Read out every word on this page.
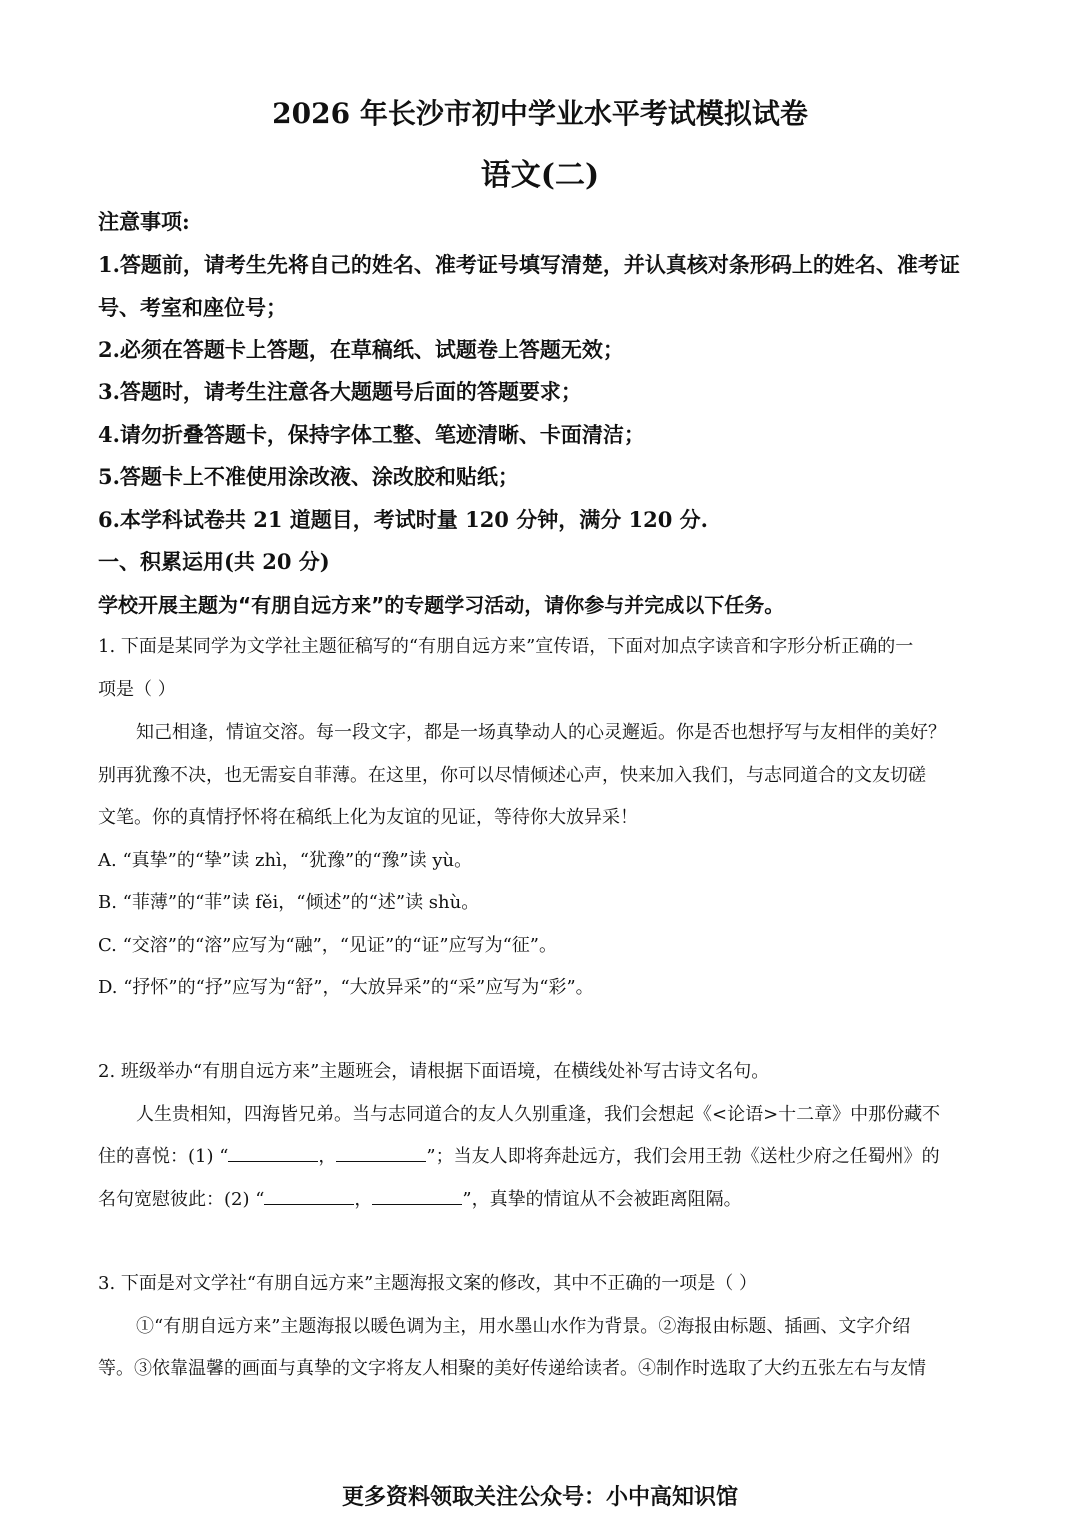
2026 年长沙市初中学业水平考试模拟试卷
语文(二)
注意事项:
1.答题前，请考生先将自己的姓名、准考证号填写清楚，并认真核对条形码上的姓名、准考证
号、考室和座位号；
2.必须在答题卡上答题，在草稿纸、试题卷上答题无效；
3.答题时，请考生注意各大题题号后面的答题要求；
4.请勿折叠答题卡，保持字体工整、笔迹清晰、卡面清洁；
5.答题卡上不准使用涂改液、涂改胶和贴纸；
6.本学科试卷共 21 道题目，考试时量 120 分钟，满分 120 分.
一、积累运用(共 20 分)
学校开展主题为“有朋自远方来”的专题学习活动，请你参与并完成以下任务。
1. 下面是某同学为文学社主题征稿写的“有朋自远方来”宣传语，下面对加点字读音和字形分析正确的一
项是（ ）
知己相逢，情谊交溶。每一段文字，都是一场真挚动人的心灵邂逅。你是否也想抒写与友相伴的美好？
别再犹豫不决，也无需妄自菲薄。在这里，你可以尽情倾述心声，快来加入我们，与志同道合的文友切磋
文笔。你的真情抒怀将在稿纸上化为友谊的见证，等待你大放异采！
A. “真挚”的“挚”读 zhì，“犹豫”的“豫”读 yù。
B. “菲薄”的“菲”读 fěi，“倾述”的“述”读 shù。
C. “交溶”的“溶”应写为“融”，“见证”的“证”应写为“征”。
D. “抒怀”的“抒”应写为“舒”，“大放异采”的“采”应写为“彩”。
2. 班级举办“有朋自远方来”主题班会，请根据下面语境，在横线处补写古诗文名句。
人生贵相知，四海皆兄弟。当与志同道合的友人久别重逢，我们会想起《<论语>十二章》中那份藏不
住的喜悦：(1) “	，	”；当友人即将奔赴远方，我们会用王勃《送杜少府之任蜀州》的
名句宽慰彼此：(2) “	，	”，真挚的情谊从不会被距离阻隔。
3. 下面是对文学社“有朋自远方来”主题海报文案的修改，其中不正确的一项是（ ）
①“有朋自远方来”主题海报以暖色调为主，用水墨山水作为背景。②海报由标题、插画、文字介绍
等。③依靠温馨的画面与真挚的文字将友人相聚的美好传递给读者。④制作时选取了大约五张左右与友情
更多资料领取关注公众号：小中高知识馆
